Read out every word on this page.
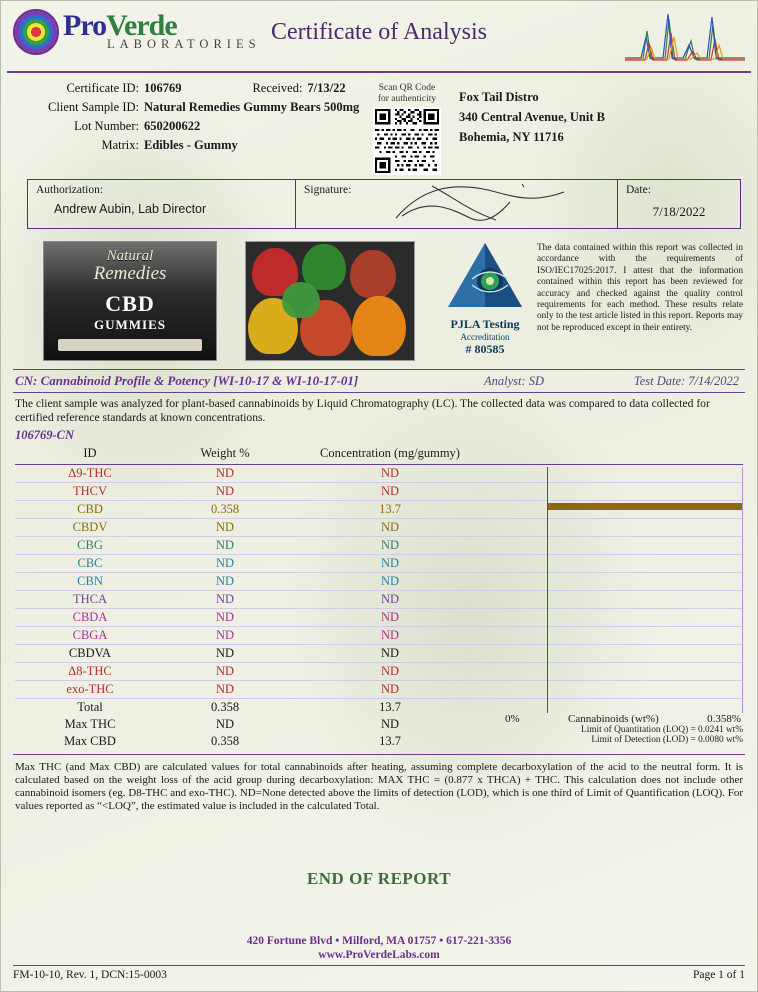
ProVerde
LABORATORIES Certificate of Analysis
Certificate ID:	106769	Received:	7/13/22
Client Sample ID:	Natural Remedies Gummy Bears 500mg		
Lot Number:	650200622		
Matrix:	Edibles - Gummy		
Scan QR Code
for authenticity	Fox Tail Distro
340 Central Avenue, Unit B
Bohemia, NY 11716
Authorization:
Andrew Aubin, Lab Director
Signature:	Date:
7/18/2022
Natural
Remedies
CBD
GUMMIES	PJLA Testing
Accreditation
# 80585
The data contained within this report was collected in accordance with the requirements of ISO/IEC17025:2017. I attest that the information contained within this report has been reviewed for accuracy and checked against the quality control requirements for each method. These results relate only to the test article listed in this report. Reports may not be reproduced except in their entirety.
CN: Cannabinoid Profile & Potency [WI-10-17 & WI-10-17-01]	Analyst: SD	Test Date: 7/14/2022
The client sample was analyzed for plant-based cannabinoids by Liquid Chromatography (LC). The collected data was compared to data collected for certified reference standards at known concentrations.
106769-CN
ID	Weight %	Concentration (mg/gummy)	
Δ9-THC	ND	ND	
THCV	ND	ND	
CBD	0.358	13.7	
CBDV	ND	ND	
CBG	ND	ND	
CBC	ND	ND	
CBN	ND	ND	
THCA	ND	ND	
CBDA	ND	ND	
CBGA	ND	ND	
CBDVA	ND	ND	
Δ8-THC	ND	ND	
exo-THC	ND	ND	
Total	0.358	13.7	
Max THC	ND	ND	
Max CBD	0.358	13.7	
0%	Cannabinoids (wt%)	0.358%
Limit of Quantitation (LOQ) = 0.0241 wt%
Limit of Detection (LOD) = 0.0080 wt%
Max THC (and Max CBD) are calculated values for total cannabinoids after heating, assuming complete decarboxylation of the acid to the neutral form. It is calculated based on the weight loss of the acid group during decarboxylation: MAX THC = (0.877 x THCA) + THC. This calculation does not include other cannabinoid isomers (eg. D8-THC and exo-THC). ND=None detected above the limits of detection (LOD), which is one third of Limit of Quantification (LOQ). For values reported as “<LOQ”, the estimated value is included in the calculated Total.
END OF REPORT
420 Fortune Blvd • Milford, MA 01757 • 617-221-3356
www.ProVerdeLabs.com
FM-10-10, Rev. 1, DCN:15-0003	Page 1 of 1
